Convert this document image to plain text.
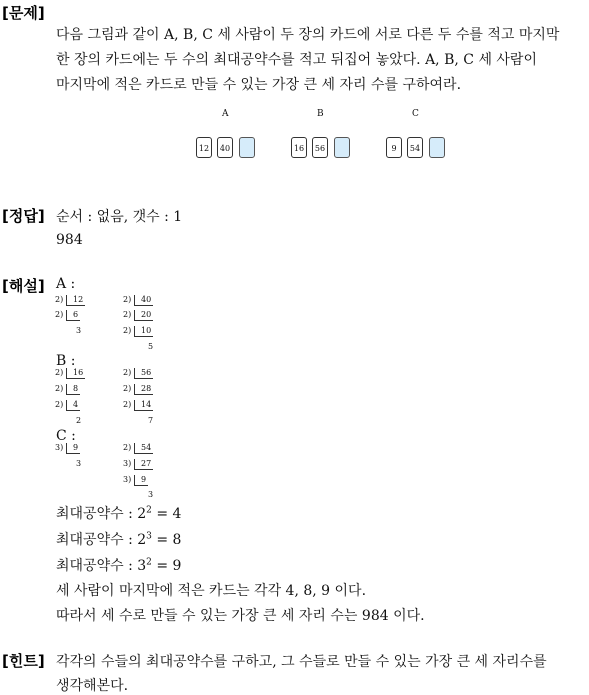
[문제]
다음 그림과 같이 A, B, C 세 사람이 두 장의 카드에 서로 다른 두 수를 적고 마지막
한 장의 카드에는 두 수의 최대공약수를 적고 뒤집어 놓았다. A, B, C 세 사람이
마지막에 적은 카드로 만들 수 있는 가장 큰 세 자리 수를 구하여라.
A
12	40
B
16	56
C
9	54
[정답] 순서 : 없음, 갯수 : 1
984
[해설] A :
2)	12
2)	6
3
2)	40
2)	20
2)	10
5
B :
2)	16
2)	8
2)	4
2
2)	56
2)	28
2)	14
7
C :
3)	9
3
2)	54
3)	27
3)	9
3
최대공약수 : $2^2 = 4$
최대공약수 : $2^3 = 8$
최대공약수 : $3^2 = 9$
세 사람이 마지막에 적은 카드는 각각 4, 8, 9 이다.
따라서 세 수로 만들 수 있는 가장 큰 세 자리 수는 984 이다.
[힌트] 각각의 수들의 최대공약수를 구하고, 그 수들로 만들 수 있는 가장 큰 세 자리수를
생각해본다.
